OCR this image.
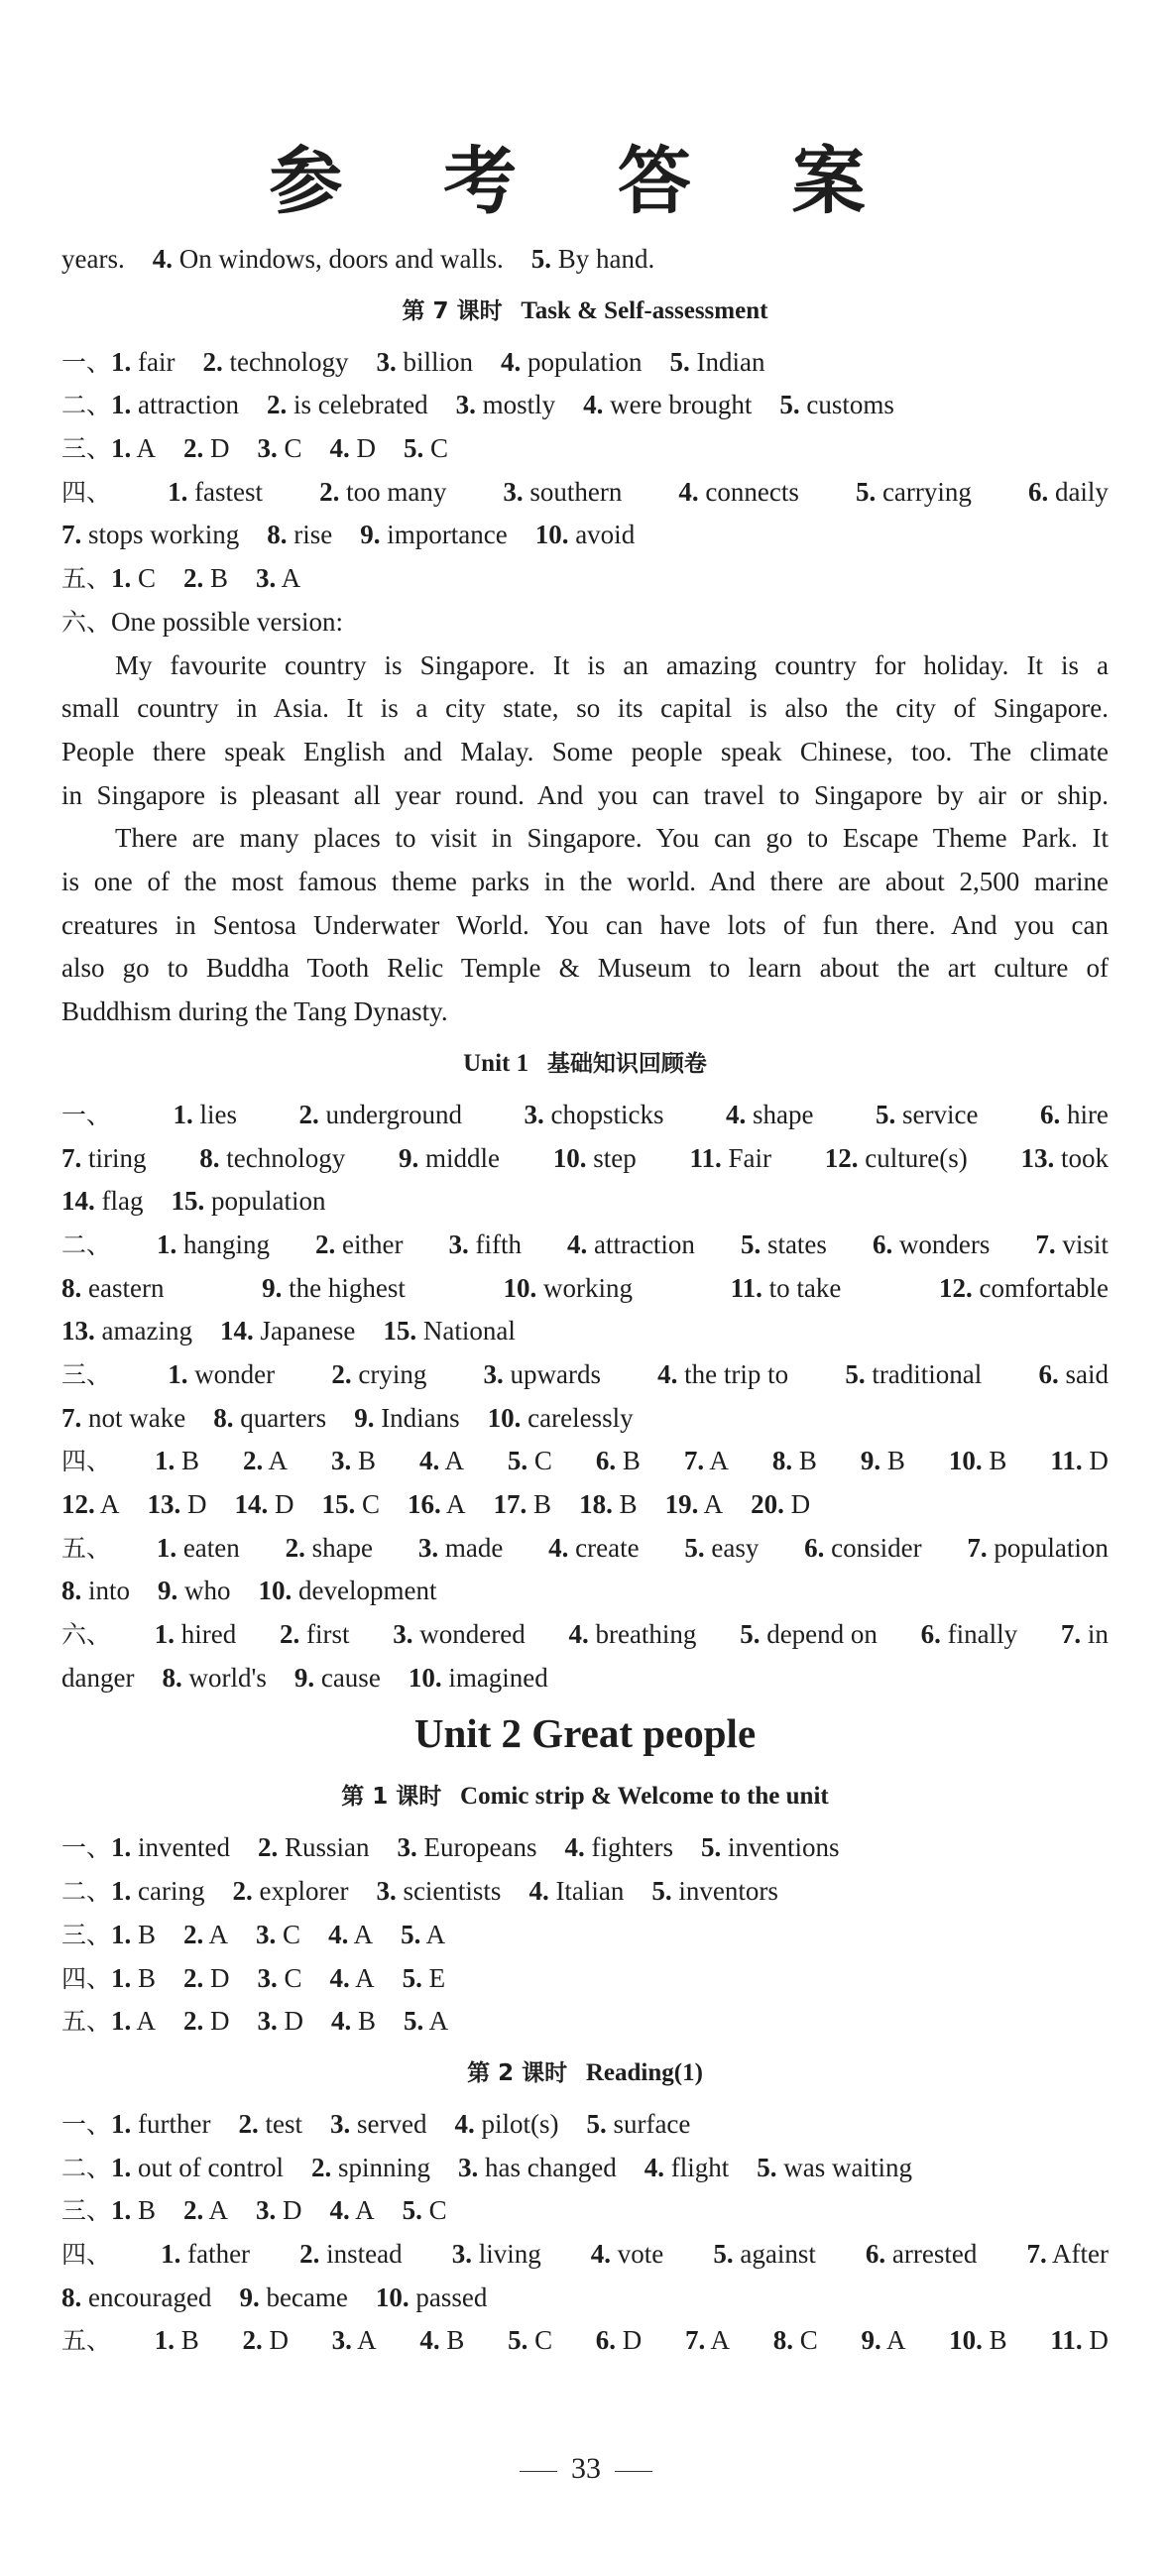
参 考 答 案
years.	4. On windows, doors and walls.	5. By hand.
第 7 课时 Task & Self-assessment
一、 1. fair	2. technology	3. billion	4. population	5. Indian
二、 1. attraction	2. is celebrated	3. mostly	4. were brought	5. customs
三、 1. A	2. D	3. C	4. D	5. C
四、 1. fastest 2. too many 3. southern 4. connects 5. carrying 6. daily
7. stops working	8. rise	9. importance	10. avoid
五、 1. C	2. B	3. A
六、 One possible version:
My favourite country is Singapore. It is an amazing country for holiday. It is a
small country in Asia. It is a city state, so its capital is also the city of Singapore.
People there speak English and Malay. Some people speak Chinese, too. The climate
in Singapore is pleasant all year round. And you can travel to Singapore by air or ship.
There are many places to visit in Singapore. You can go to Escape Theme Park. It
is one of the most famous theme parks in the world. And there are about 2,500 marine
creatures in Sentosa Underwater World. You can have lots of fun there. And you can
also go to Buddha Tooth Relic Temple & Museum to learn about the art culture of
Buddhism during the Tang Dynasty.
Unit 1 基础知识回顾卷
一、 1. lies 2. underground 3. chopsticks 4. shape 5. service 6. hire
7. tiring 8. technology 9. middle 10. step 11. Fair 12. culture(s) 13. took
14. flag	15. population
二、 1. hanging 2. either 3. fifth 4. attraction 5. states 6. wonders 7. visit
8. eastern	9. the highest	10. working	11. to take	12. comfortable
13. amazing	14. Japanese	15. National
三、 1. wonder 2. crying 3. upwards 4. the trip to 5. traditional 6. said
7. not wake	8. quarters	9. Indians	10. carelessly
四、 1. B 2. A 3. B 4. A 5. C 6. B 7. A 8. B 9. B 10. B 11. D
12. A	13. D	14. D	15. C	16. A	17. B	18. B	19. A	20. D
五、 1. eaten 2. shape 3. made 4. create 5. easy 6. consider 7. population
8. into	9. who	10. development
六、 1. hired 2. first 3. wondered 4. breathing 5. depend on 6. finally 7. in
danger	8. world's	9. cause	10. imagined
Unit 2 Great people
第 1 课时 Comic strip & Welcome to the unit
一、 1. invented	2. Russian	3. Europeans	4. fighters	5. inventions
二、 1. caring	2. explorer	3. scientists	4. Italian	5. inventors
三、 1. B	2. A	3. C	4. A	5. A
四、 1. B	2. D	3. C	4. A	5. E
五、 1. A	2. D	3. D	4. B	5. A
第 2 课时 Reading(1)
一、 1. further	2. test	3. served	4. pilot(s)	5. surface
二、 1. out of control	2. spinning	3. has changed	4. flight	5. was waiting
三、 1. B	2. A	3. D	4. A	5. C
四、 1. father 2. instead 3. living 4. vote 5. against 6. arrested 7. After
8. encouraged	9. became	10. passed
五、 1. B 2. D 3. A 4. B 5. C 6. D 7. A 8. C 9. A 10. B 11. D
33
